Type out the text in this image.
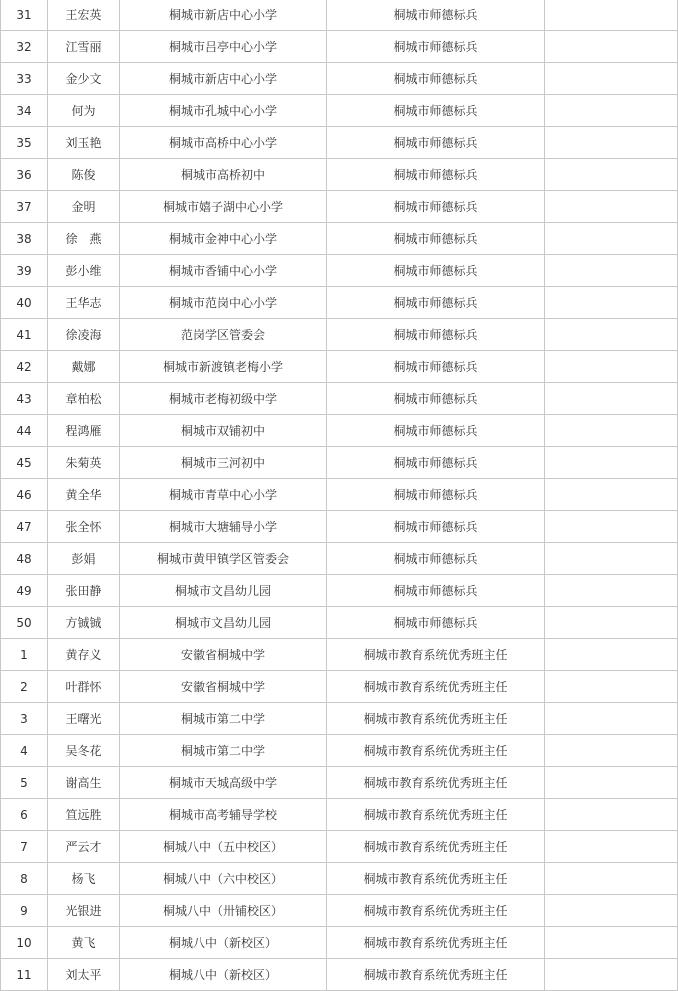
31	王宏英	桐城市新店中心小学	桐城市师德标兵	
32	江雪丽	桐城市吕亭中心小学	桐城市师德标兵	
33	金少文	桐城市新店中心小学	桐城市师德标兵	
34	何为	桐城市孔城中心小学	桐城市师德标兵	
35	刘玉艳	桐城市高桥中心小学	桐城市师德标兵	
36	陈俊	桐城市高桥初中	桐城市师德标兵	
37	金明	桐城市嬉子湖中心小学	桐城市师德标兵	
38	徐　燕	桐城市金神中心小学	桐城市师德标兵	
39	彭小维	桐城市香铺中心小学	桐城市师德标兵	
40	王华志	桐城市范岗中心小学	桐城市师德标兵	
41	徐凌海	范岗学区管委会	桐城市师德标兵	
42	戴娜	桐城市新渡镇老梅小学	桐城市师德标兵	
43	章柏松	桐城市老梅初级中学	桐城市师德标兵	
44	程鸿雁	桐城市双铺初中	桐城市师德标兵	
45	朱菊英	桐城市三河初中	桐城市师德标兵	
46	黄全华	桐城市青草中心小学	桐城市师德标兵	
47	张全怀	桐城市大塘辅导小学	桐城市师德标兵	
48	彭娟	桐城市黄甲镇学区管委会	桐城市师德标兵	
49	张田静	桐城市文昌幼儿园	桐城市师德标兵	
50	方铖铖	桐城市文昌幼儿园	桐城市师德标兵	
1	黄存义	安徽省桐城中学	桐城市教育系统优秀班主任	
2	叶群怀	安徽省桐城中学	桐城市教育系统优秀班主任	
3	王曙光	桐城市第二中学	桐城市教育系统优秀班主任	
4	吴冬花	桐城市第二中学	桐城市教育系统优秀班主任	
5	谢高生	桐城市天城高级中学	桐城市教育系统优秀班主任	
6	笪远胜	桐城市高考辅导学校	桐城市教育系统优秀班主任	
7	严云才	桐城八中（五中校区）	桐城市教育系统优秀班主任	
8	杨飞	桐城八中（六中校区）	桐城市教育系统优秀班主任	
9	光银进	桐城八中（卅铺校区）	桐城市教育系统优秀班主任	
10	黄飞	桐城八中（新校区）	桐城市教育系统优秀班主任	
11	刘太平	桐城八中（新校区）	桐城市教育系统优秀班主任	
